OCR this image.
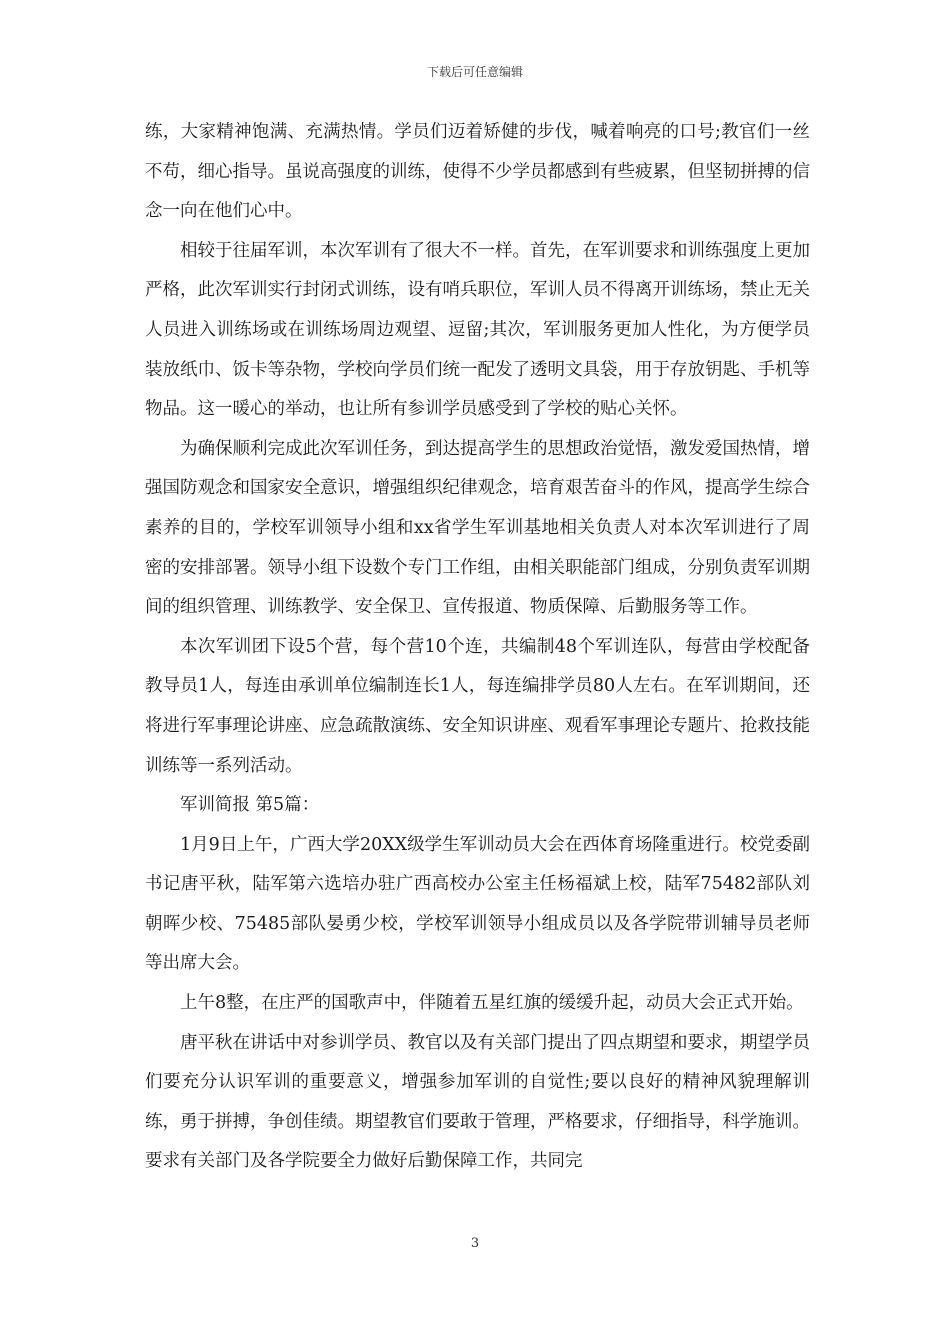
下载后可任意编辑

练，大家精神饱满、充满热情。学员们迈着矫健的步伐，喊着响亮的口号;教官们一丝不苟，细心指导。虽说高强度的训练，使得不少学员都感到有些疲累，但坚韧拼搏的信念一向在他们心中。

相较于往届军训，本次军训有了很大不一样。首先，在军训要求和训练强度上更加严格，此次军训实行封闭式训练，设有哨兵职位，军训人员不得离开训练场，禁止无关人员进入训练场或在训练场周边观望、逗留;其次，军训服务更加人性化，为方便学员装放纸巾、饭卡等杂物，学校向学员们统一配发了透明文具袋，用于存放钥匙、手机等物品。这一暖心的举动，也让所有参训学员感受到了学校的贴心关怀。

为确保顺利完成此次军训任务，到达提高学生的思想政治觉悟，激发爱国热情，增强国防观念和国家安全意识，增强组织纪律观念，培育艰苦奋斗的作风，提高学生综合素养的目的，学校军训领导小组和xx省学生军训基地相关负责人对本次军训进行了周密的安排部署。领导小组下设数个专门工作组，由相关职能部门组成，分别负责军训期间的组织管理、训练教学、安全保卫、宣传报道、物质保障、后勤服务等工作。

本次军训团下设5个营，每个营10个连，共编制48个军训连队，每营由学校配备教导员1人，每连由承训单位编制连长1人，每连编排学员80人左右。在军训期间，还将进行军事理论讲座、应急疏散演练、安全知识讲座、观看军事理论专题片、抢救技能训练等一系列活动。

军训简报 第5篇：

1月9日上午，广西大学20XX级学生军训动员大会在西体育场隆重进行。校党委副书记唐平秋，陆军第六选培办驻广西高校办公室主任杨福斌上校，陆军75482部队刘朝晖少校、75485部队晏勇少校，学校军训领导小组成员以及各学院带训辅导员老师等出席大会。

上午8整，在庄严的国歌声中，伴随着五星红旗的缓缓升起，动员大会正式开始。

唐平秋在讲话中对参训学员、教官以及有关部门提出了四点期望和要求，期望学员们要充分认识军训的重要意义，增强参加军训的自觉性;要以良好的精神风貌理解训练，勇于拼搏，争创佳绩。期望教官们要敢于管理，严格要求，仔细指导，科学施训。要求有关部门及各学院要全力做好后勤保障工作，共同完

3
